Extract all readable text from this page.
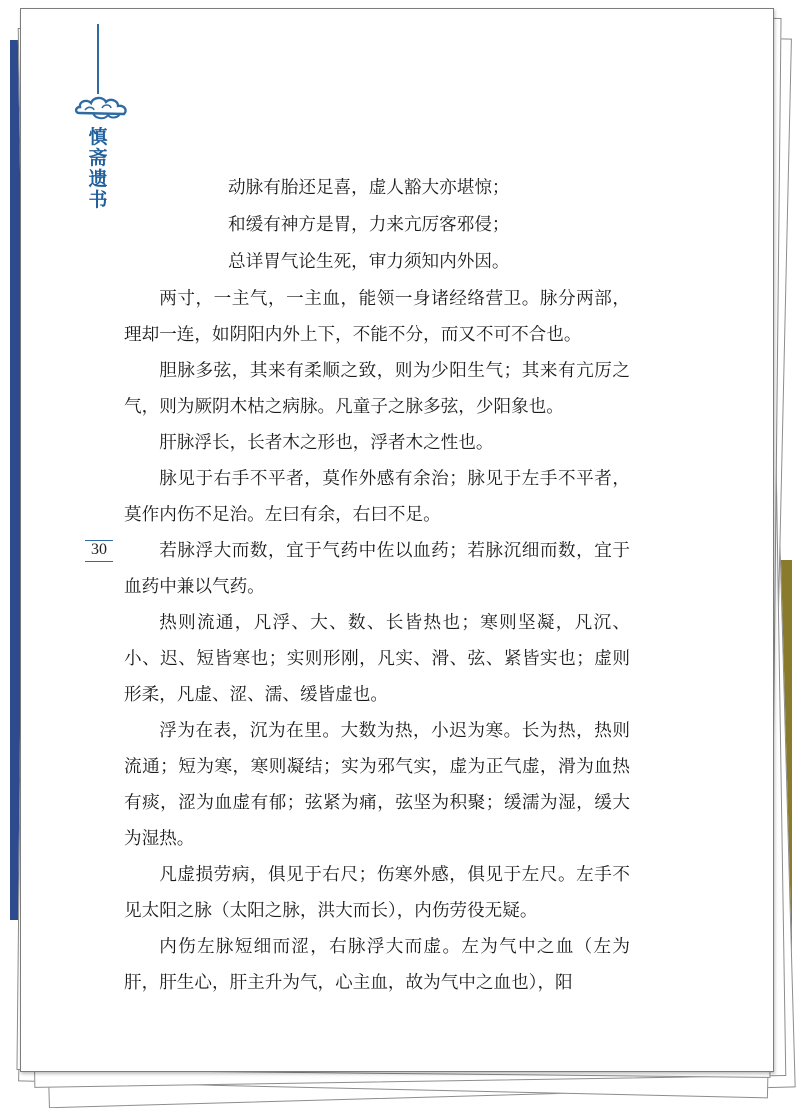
慎斋遗书
30

动脉有胎还足喜，虚人豁大亦堪惊；

和缓有神方是胃，力来亢厉客邪侵；

总详胃气论生死，审力须知内外因。

两寸，一主气，一主血，能领一身诸经络营卫。脉分两部，理却一连，如阴阳内外上下，不能不分，而又不可不合也。

胆脉多弦，其来有柔顺之致，则为少阳生气；其来有亢厉之气，则为厥阴木枯之病脉。凡童子之脉多弦，少阳象也。

肝脉浮长，长者木之形也，浮者木之性也。

脉见于右手不平者，莫作外感有余治；脉见于左手不平者，莫作内伤不足治。左曰有余，右曰不足。

若脉浮大而数，宜于气药中佐以血药；若脉沉细而数，宜于血药中兼以气药。

热则流通，凡浮、大、数、长皆热也；寒则坚凝，凡沉、小、迟、短皆寒也；实则形刚，凡实、滑、弦、紧皆实也；虚则形柔，凡虚、涩、濡、缓皆虚也。

浮为在表，沉为在里。大数为热，小迟为寒。长为热，热则流通；短为寒，寒则凝结；实为邪气实，虚为正气虚，滑为血热有痰，涩为血虚有郁；弦紧为痛，弦坚为积聚；缓濡为湿，缓大为湿热。

凡虚损劳病，俱见于右尺；伤寒外感，俱见于左尺。左手不见太阳之脉（太阳之脉，洪大而长），内伤劳役无疑。

内伤左脉短细而涩，右脉浮大而虚。左为气中之血（左为肝，肝生心，肝主升为气，心主血，故为气中之血也），阳
